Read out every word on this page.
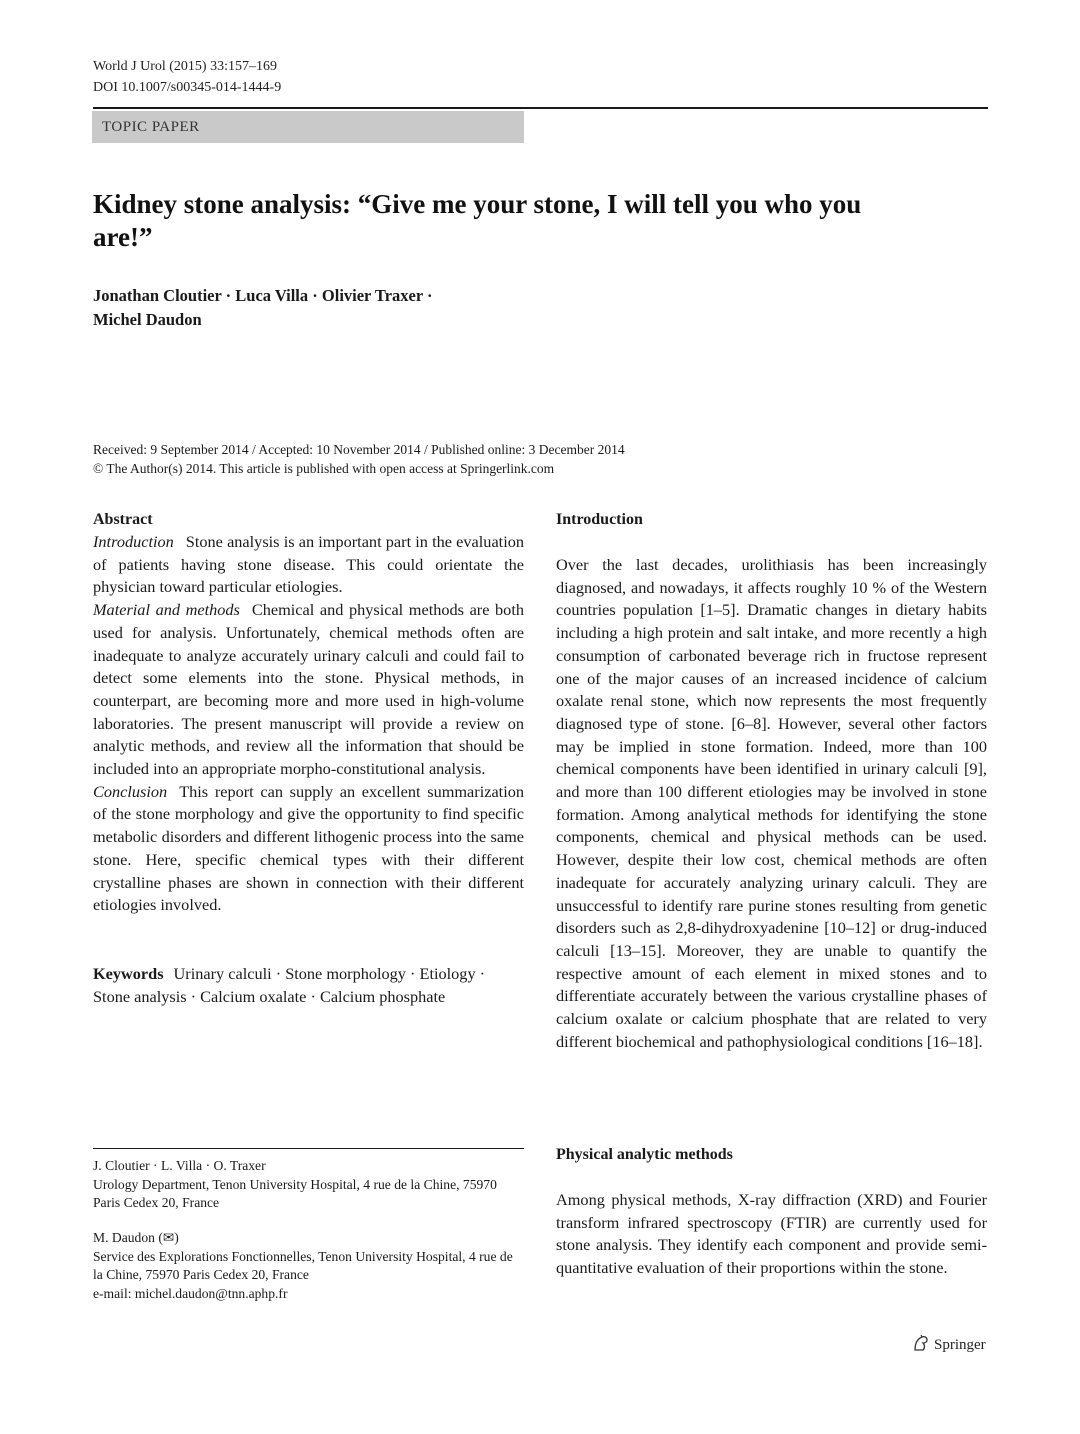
World J Urol (2015) 33:157–169
DOI 10.1007/s00345-014-1444-9
TOPIC PAPER
Kidney stone analysis: “Give me your stone, I will tell you who you are!”
Jonathan Cloutier · Luca Villa · Olivier Traxer ·
Michel Daudon
Received: 9 September 2014 / Accepted: 10 November 2014 / Published online: 3 December 2014
© The Author(s) 2014. This article is published with open access at Springerlink.com
Abstract

Introduction Stone analysis is an important part in the evaluation of patients having stone disease. This could orientate the physician toward particular etiologies.

Material and methods Chemical and physical methods are both used for analysis. Unfortunately, chemical methods often are inadequate to analyze accurately urinary calculi and could fail to detect some elements into the stone. Physical methods, in counterpart, are becoming more and more used in high-volume laboratories. The present manuscript will provide a review on analytic methods, and review all the information that should be included into an appropriate morpho-constitutional analysis.

Conclusion This report can supply an excellent summarization of the stone morphology and give the opportunity to find specific metabolic disorders and different lithogenic process into the same stone. Here, specific chemical types with their different crystalline phases are shown in connection with their different etiologies involved.

Keywords Urinary calculi · Stone morphology · Etiology · Stone analysis · Calcium oxalate · Calcium phosphate
J. Cloutier · L. Villa · O. Traxer
Urology Department, Tenon University Hospital, 4 rue de la Chine, 75970 Paris Cedex 20, France
M. Daudon (✉)
Service des Explorations Fonctionnelles, Tenon University Hospital, 4 rue de la Chine, 75970 Paris Cedex 20, France
e-mail: michel.daudon@tnn.aphp.fr
Introduction
Over the last decades, urolithiasis has been increasingly diagnosed, and nowadays, it affects roughly 10 % of the Western countries population [1–5]. Dramatic changes in dietary habits including a high protein and salt intake, and more recently a high consumption of carbonated beverage rich in fructose represent one of the major causes of an increased incidence of calcium oxalate renal stone, which now represents the most frequently diagnosed type of stone. [6–8]. However, several other factors may be implied in stone formation. Indeed, more than 100 chemical components have been identified in urinary calculi [9], and more than 100 different etiologies may be involved in stone formation. Among analytical methods for identifying the stone components, chemical and physical methods can be used. However, despite their low cost, chemical methods are often inadequate for accurately analyzing urinary calculi. They are unsuccessful to identify rare purine stones resulting from genetic disorders such as 2,8-dihydroxyadenine [10–12] or drug-induced calculi [13–15]. Moreover, they are unable to quantify the respective amount of each element in mixed stones and to differentiate accurately between the various crystalline phases of calcium oxalate or calcium phosphate that are related to very different biochemical and pathophysiological conditions [16–18].
Physical analytic methods
Among physical methods, X-ray diffraction (XRD) and Fourier transform infrared spectroscopy (FTIR) are currently used for stone analysis. They identify each component and provide semi-quantitative evaluation of their proportions within the stone.
Springer
